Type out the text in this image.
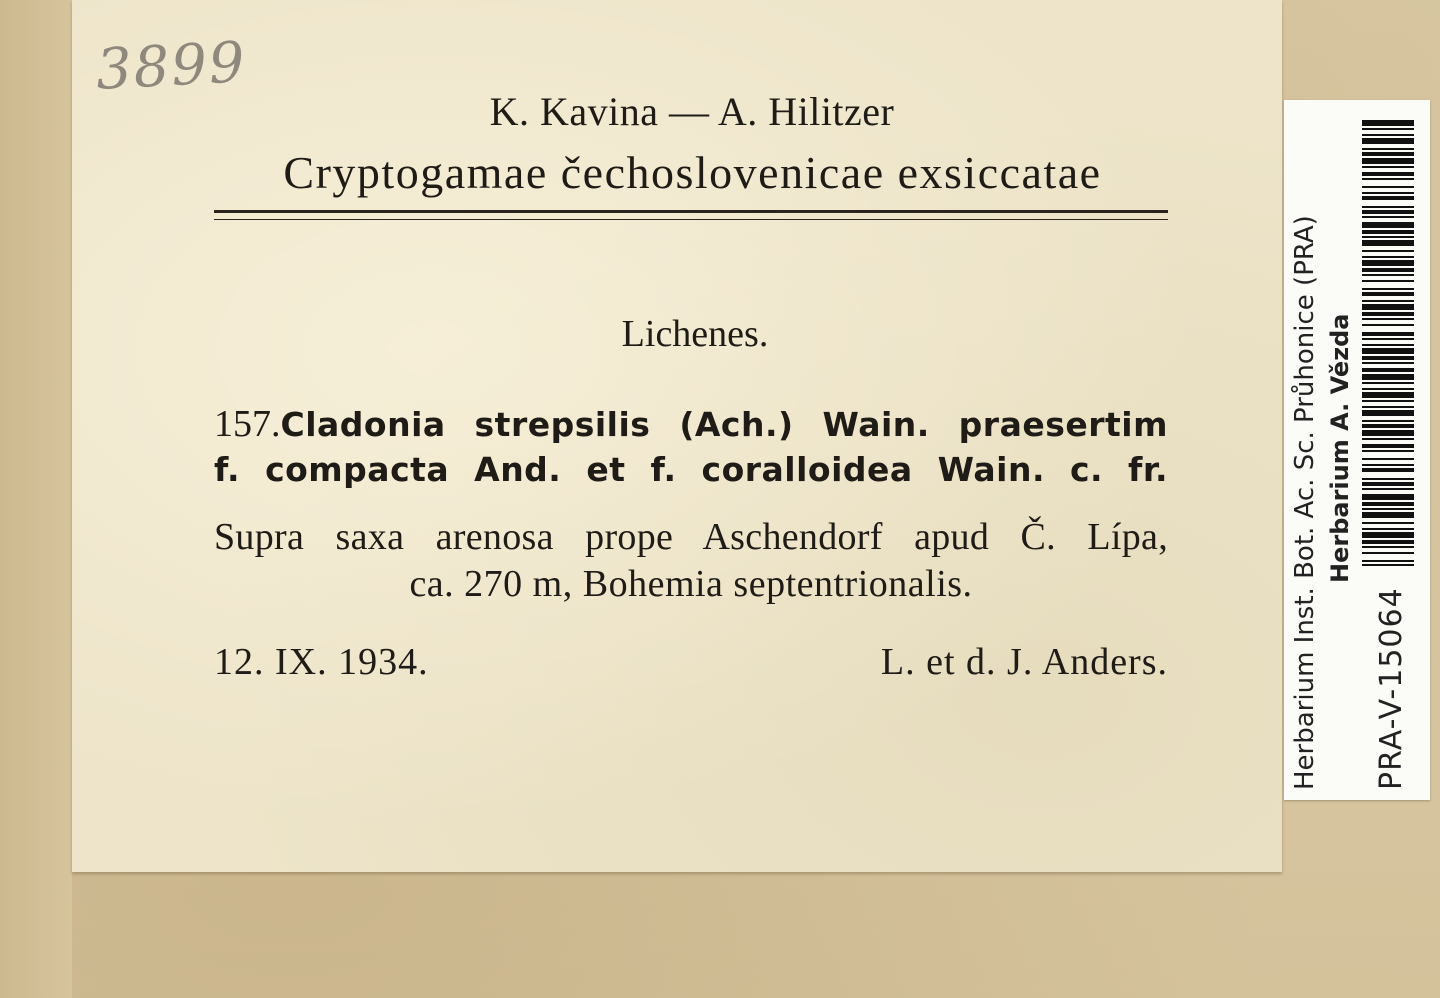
3899
K. Kavina — A. Hilitzer
Cryptogamae čechoslovenicae exsiccatae
Lichenes.
157.Cladonia strepsilis (Ach.) Wain. praesertim
f. compacta And. et f. coralloidea Wain. c. fr.
Supra saxa arenosa prope Aschendorf apud Č. Lípa,
ca. 270 m, Bohemia septentrionalis.
12. IX. 1934.	L. et d. J. Anders.	Herbarium Inst. Bot. Ac. Sc. Průhonice (PRA) Herbarium A. Vězda
PRA-V-15064
